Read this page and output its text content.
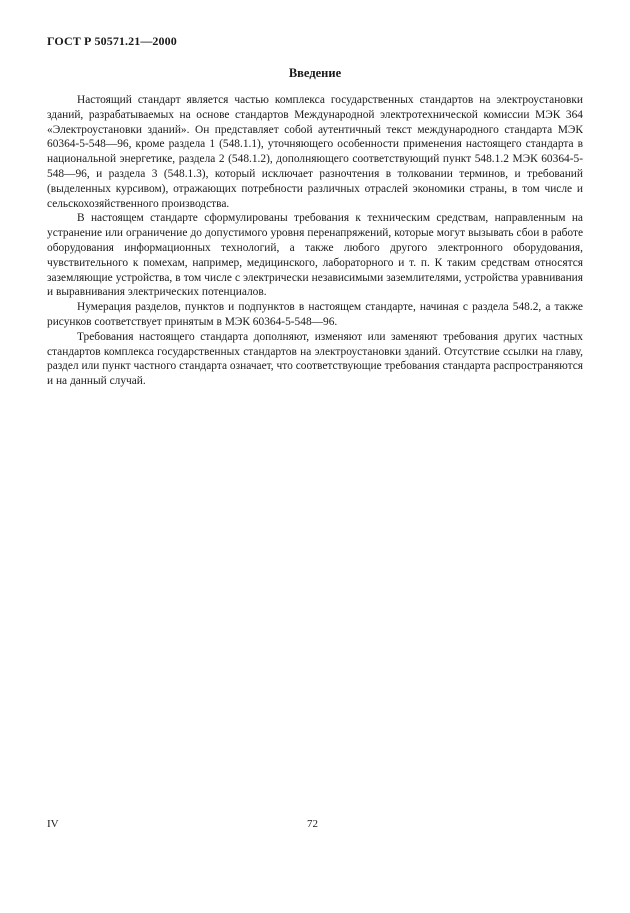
ГОСТ Р 50571.21—2000
Введение

Настоящий стандарт является частью комплекса государственных стандартов на электроустановки зданий, разрабатываемых на основе стандартов Международной электротехнической комиссии МЭК 364 «Электроустановки зданий». Он представляет собой аутентичный текст международного стандарта МЭК 60364-5-548—96, кроме раздела 1 (548.1.1), уточняющего особенности применения настоящего стандарта в национальной энергетике, раздела 2 (548.1.2), дополняющего соответствующий пункт 548.1.2 МЭК 60364-5-548—96, и раздела 3 (548.1.3), который исключает разночтения в толковании терминов, и требований (выделенных курсивом), отражающих потребности различных отраслей экономики страны, в том числе и сельскохозяйственного производства.

В настоящем стандарте сформулированы требования к техническим средствам, направленным на устранение или ограничение до допустимого уровня перенапряжений, которые могут вызывать сбои в работе оборудования информационных технологий, а также любого другого электронного оборудования, чувствительного к помехам, например, медицинского, лабораторного и т. п. К таким средствам относятся заземляющие устройства, в том числе с электрически независимыми заземлителями, устройства уравнивания и выравнивания электрических потенциалов.

Нумерация разделов, пунктов и подпунктов в настоящем стандарте, начиная с раздела 548.2, а также рисунков соответствует принятым в МЭК 60364-5-548—96.

Требования настоящего стандарта дополняют, изменяют или заменяют требования других частных стандартов комплекса государственных стандартов на электроустановки зданий. Отсутствие ссылки на главу, раздел или пункт частного стандарта означает, что соответствующие требования стандарта распространяются и на данный случай.

IV	72
